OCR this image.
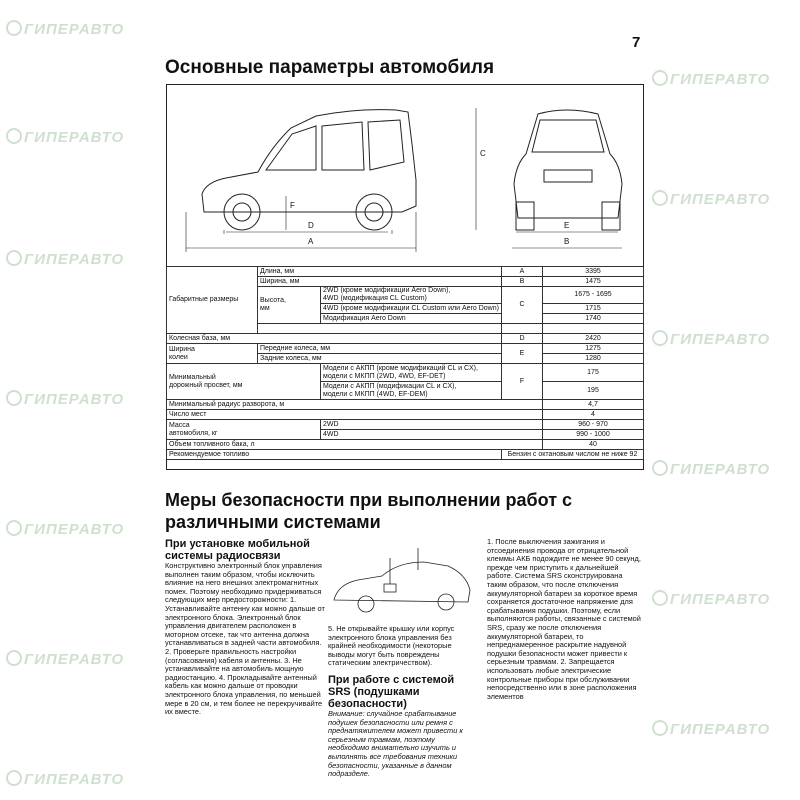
ГИПЕРАВТО
ГИПЕРАВТО
ГИПЕРАВТО
ГИПЕРАВТО
ГИПЕРАВТО
ГИПЕРАВТО
ГИПЕРАВТО
ГИПЕРАВТО
ГИПЕРАВТО
ГИПЕРАВТО
ГИПЕРАВТО
ГИПЕРАВТО
ГИПЕРАВТО
7
Основные параметры автомобиля
D
A
F
C
E
B
Габаритные размеры	Длина, мм		A	3395
	Ширина, мм		B	1475
	Высота,
мм	2WD (кроме модификации Aero Down),
4WD (модификация CL Custom)	C	1675 - 1695
		4WD (кроме модификации CL Custom или Aero Down)		1715
		Модификация Aero Down		1740

Колесная база, мм			D	2420
Ширина
колеи	Передние колеса, мм		E	1275
	Задние колеса, мм			1280
Минимальный
дорожный просвет, мм		Модели с АКПП (кроме модификаций CL и CX),
модели с МКПП (2WD, 4WD, EF-DET)	F	175
		Модели с АКПП (модификации CL и CX),
модели с МКПП (4WD, EF-DEM)		195
Минимальный радиус разворота, м				4,7
Число мест				4
Масса
автомобиля, кг		2WD		960 - 970
		4WD		990 - 1000
Объем топливного бака, л				40
Рекомендуемое топливо			Бензин с октановым числом не ниже 92	
Меры безопасности при выполнении работ с различными системами

При установке мобильной системы радиосвязи

Конструктивно электронный блок управления выполнен таким образом, чтобы исключить влияние на него внешних электромагнитных помех. Поэтому необходимо придерживаться следующих мер предосторожности: 1. Устанавливайте антенну как можно дальше от электронного блока. Электронный блок управления двигателем расположен в моторном отсеке, так что антенна должна устанавливаться в задней части автомобиля. 2. Проверьте правильность настройки (согласования) кабеля и антенны. 3. Не устанавливайте на автомобиль мощную радиостанцию. 4. Прокладывайте антенный кабель как можно дальше от проводки электронного блока управления, по меньшей мере в 20 см, и тем более не перекручивайте их вместе.

5. Не открывайте крышку или корпус электронного блока управления без крайней необходимости (некоторые выводы могут быть повреждены статическим электричеством).

При работе с системой SRS (подушками безопасности)

Внимание: случайное срабатывание подушек безопасности или ремня с преднатяжителем может привести к серьезным травмам, поэтому необходимо внимательно изучить и выполнять все требования техники безопасности, указанные в данном подразделе.

1. После выключения зажигания и отсоединения провода от отрицательной клеммы АКБ подождите не менее 90 секунд, прежде чем приступить к дальнейшей работе. Система SRS сконструирована таким образом, что после отключения аккумуляторной батареи за короткое время сохраняется достаточное напряжение для срабатывания подушки. Поэтому, если выполняются работы, связанные с системой SRS, сразу же после отключения аккумуляторной батареи, то непреднамеренное раскрытие надувной подушки безопасности может привести к серьезным травмам. 2. Запрещается использовать любые электрические контрольные приборы при обслуживании непосредственно или в зоне расположения элементов
